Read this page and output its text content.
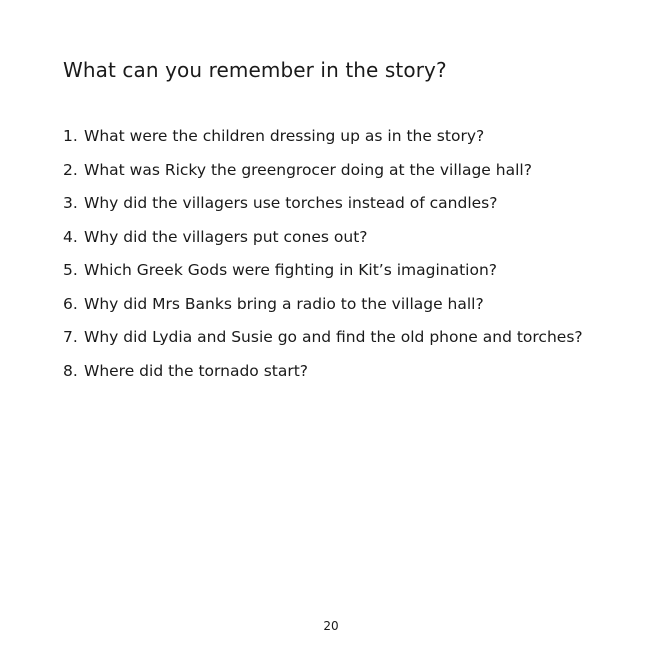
What can you remember in the story?
1. What were the children dressing up as in the story?
2. What was Ricky the greengrocer doing at the village hall?
3. Why did the villagers use torches instead of candles?
4. Why did the villagers put cones out?
5. Which Greek Gods were fighting in Kit’s imagination?
6. Why did Mrs Banks bring a radio to the village hall?
7. Why did Lydia and Susie go and find the old phone and torches?
8. Where did the tornado start?
20
